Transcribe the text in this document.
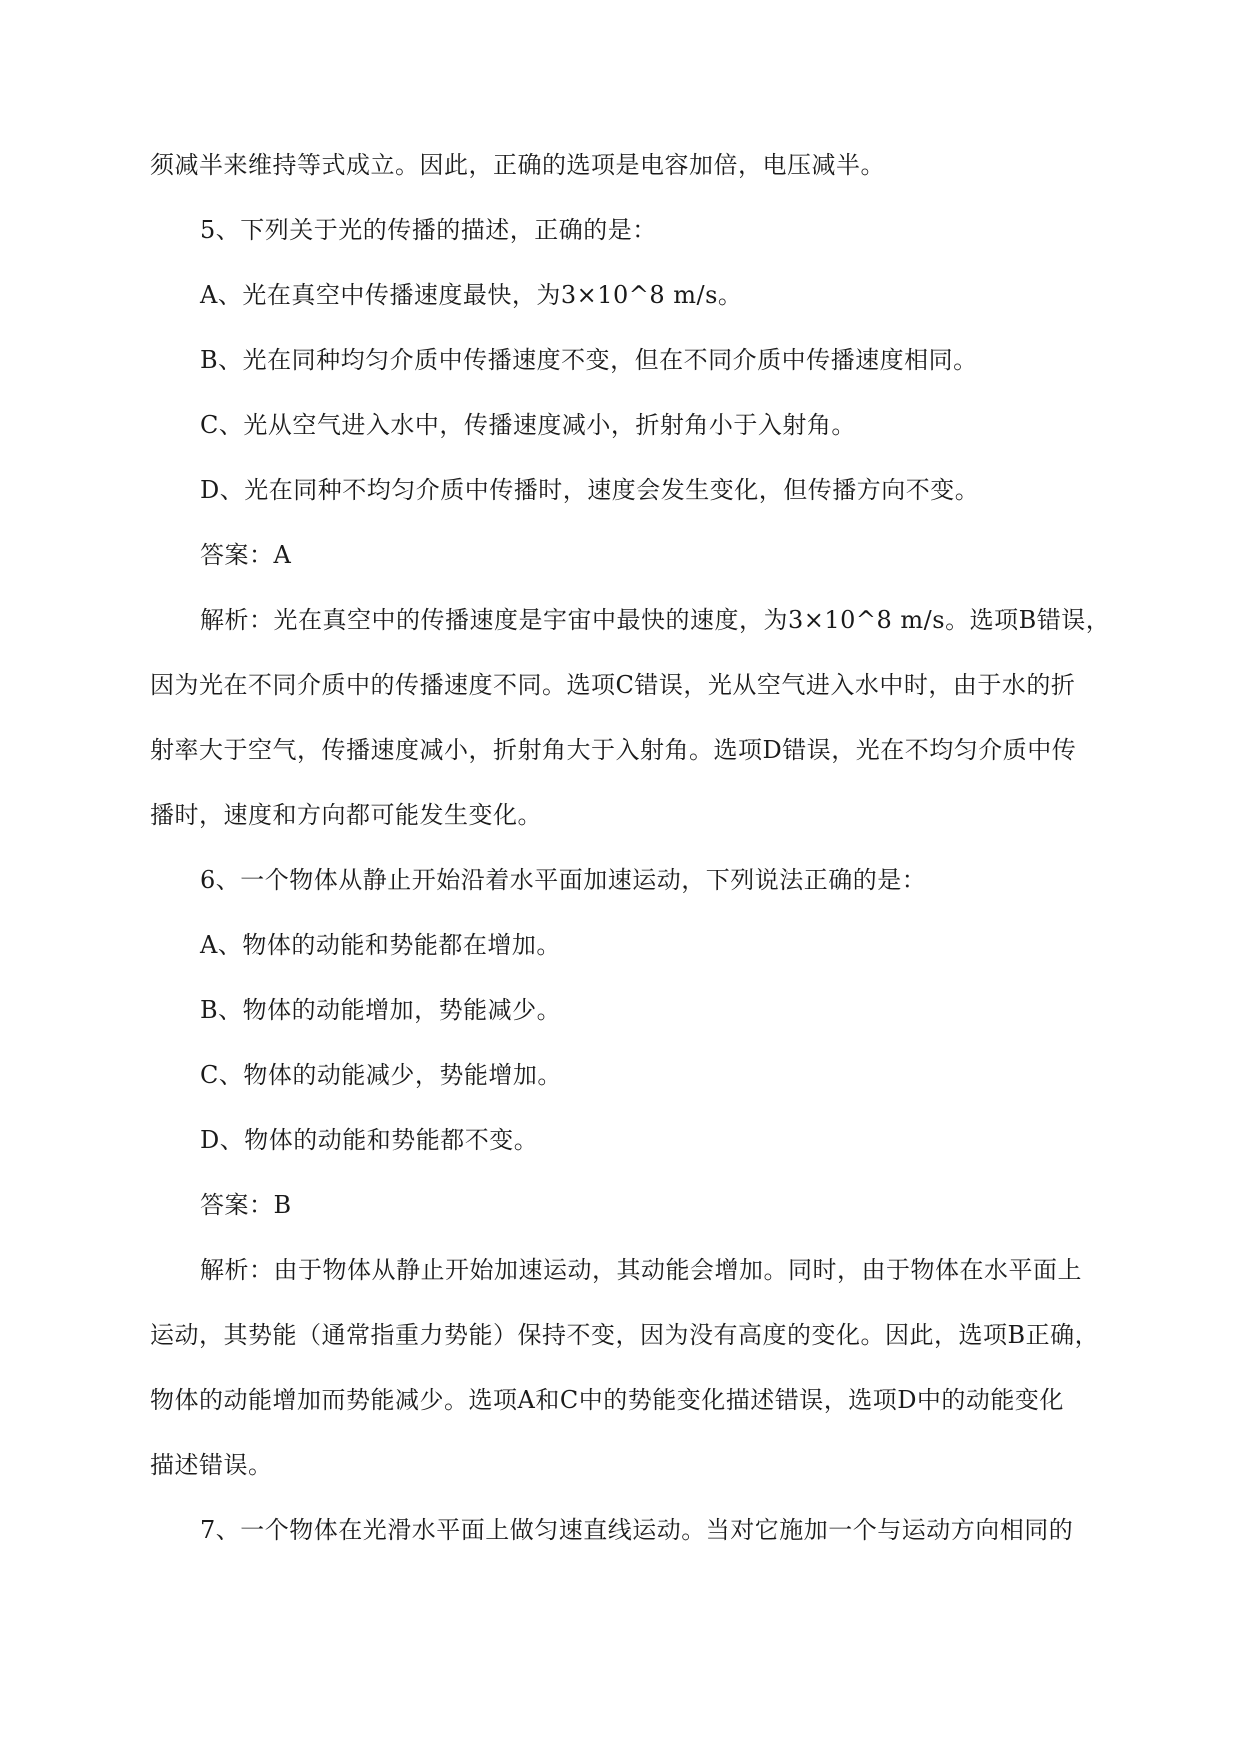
须减半来维持等式成立。因此，正确的选项是电容加倍，电压减半。
5、下列关于光的传播的描述，正确的是：
A、光在真空中传播速度最快，为3×10^8 m/s。
B、光在同种均匀介质中传播速度不变，但在不同介质中传播速度相同。
C、光从空气进入水中，传播速度减小，折射角小于入射角。
D、光在同种不均匀介质中传播时，速度会发生变化，但传播方向不变。
答案：A
解析：光在真空中的传播速度是宇宙中最快的速度，为3×10^8 m/s。选项B错误，
因为光在不同介质中的传播速度不同。选项C错误，光从空气进入水中时，由于水的折
射率大于空气，传播速度减小，折射角大于入射角。选项D错误，光在不均匀介质中传
播时，速度和方向都可能发生变化。
6、一个物体从静止开始沿着水平面加速运动，下列说法正确的是：
A、物体的动能和势能都在增加。
B、物体的动能增加，势能减少。
C、物体的动能减少，势能增加。
D、物体的动能和势能都不变。
答案：B
解析：由于物体从静止开始加速运动，其动能会增加。同时，由于物体在水平面上
运动，其势能（通常指重力势能）保持不变，因为没有高度的变化。因此，选项B正确，
物体的动能增加而势能减少。选项A和C中的势能变化描述错误，选项D中的动能变化
描述错误。
7、一个物体在光滑水平面上做匀速直线运动。当对它施加一个与运动方向相同的
